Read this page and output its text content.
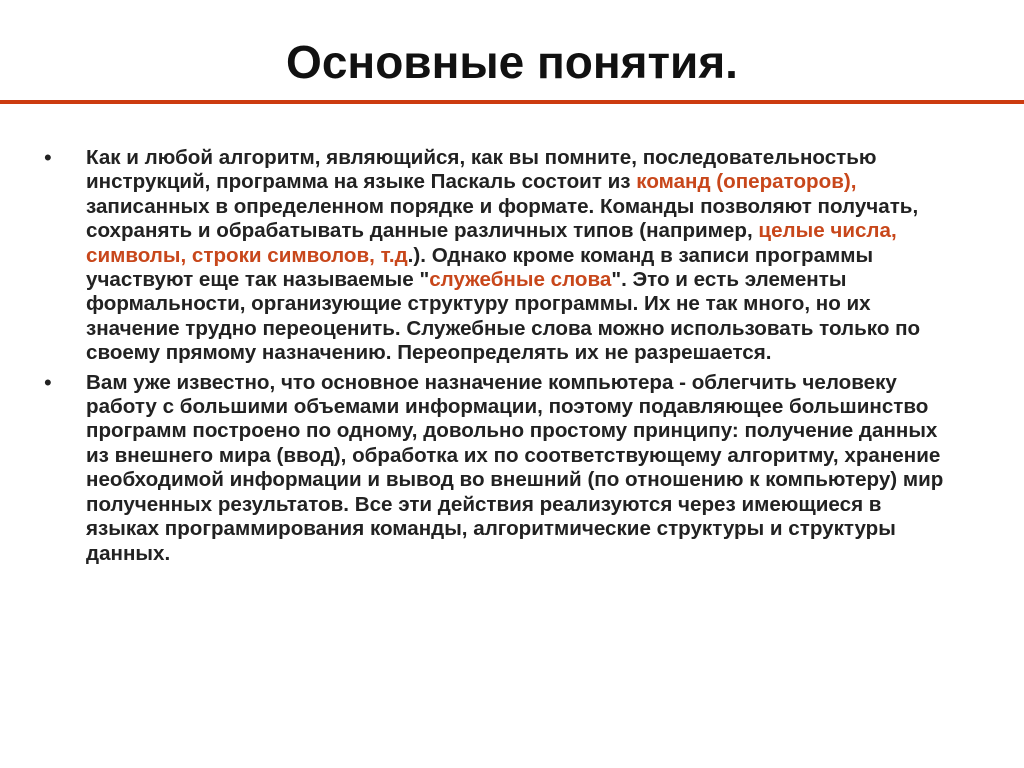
Основные понятия.
•	Как и любой алгоритм, являющийся, как вы помните, последовательностью инструкций, программа на языке Паскаль состоит из команд (операторов), записанных в определенном порядке и формате. Команды позволяют получать, сохранять и обрабатывать данные различных типов (например, целые числа, символы, строки символов, т.д.). Однако кроме команд в записи программы участвуют еще так называемые "служебные слова". Это и есть элементы формальности, организующие структуру программы. Их не так много, но их значение трудно переоценить. Служебные слова можно использовать только по своему прямому назначению. Переопределять их не разрешается.
•	Вам уже известно, что основное назначение компьютера - облегчить человеку работу с большими объемами информации, поэтому подавляющее большинство программ построено по одному, довольно простому принципу: получение данных из внешнего мира (ввод), обработка их по соответствующему алгоритму, хранение необходимой информации и вывод во внешний (по отношению к компьютеру) мир полученных результатов. Все эти действия реализуются через имеющиеся в языках программирования команды, алгоритмические структуры и структуры данных.
